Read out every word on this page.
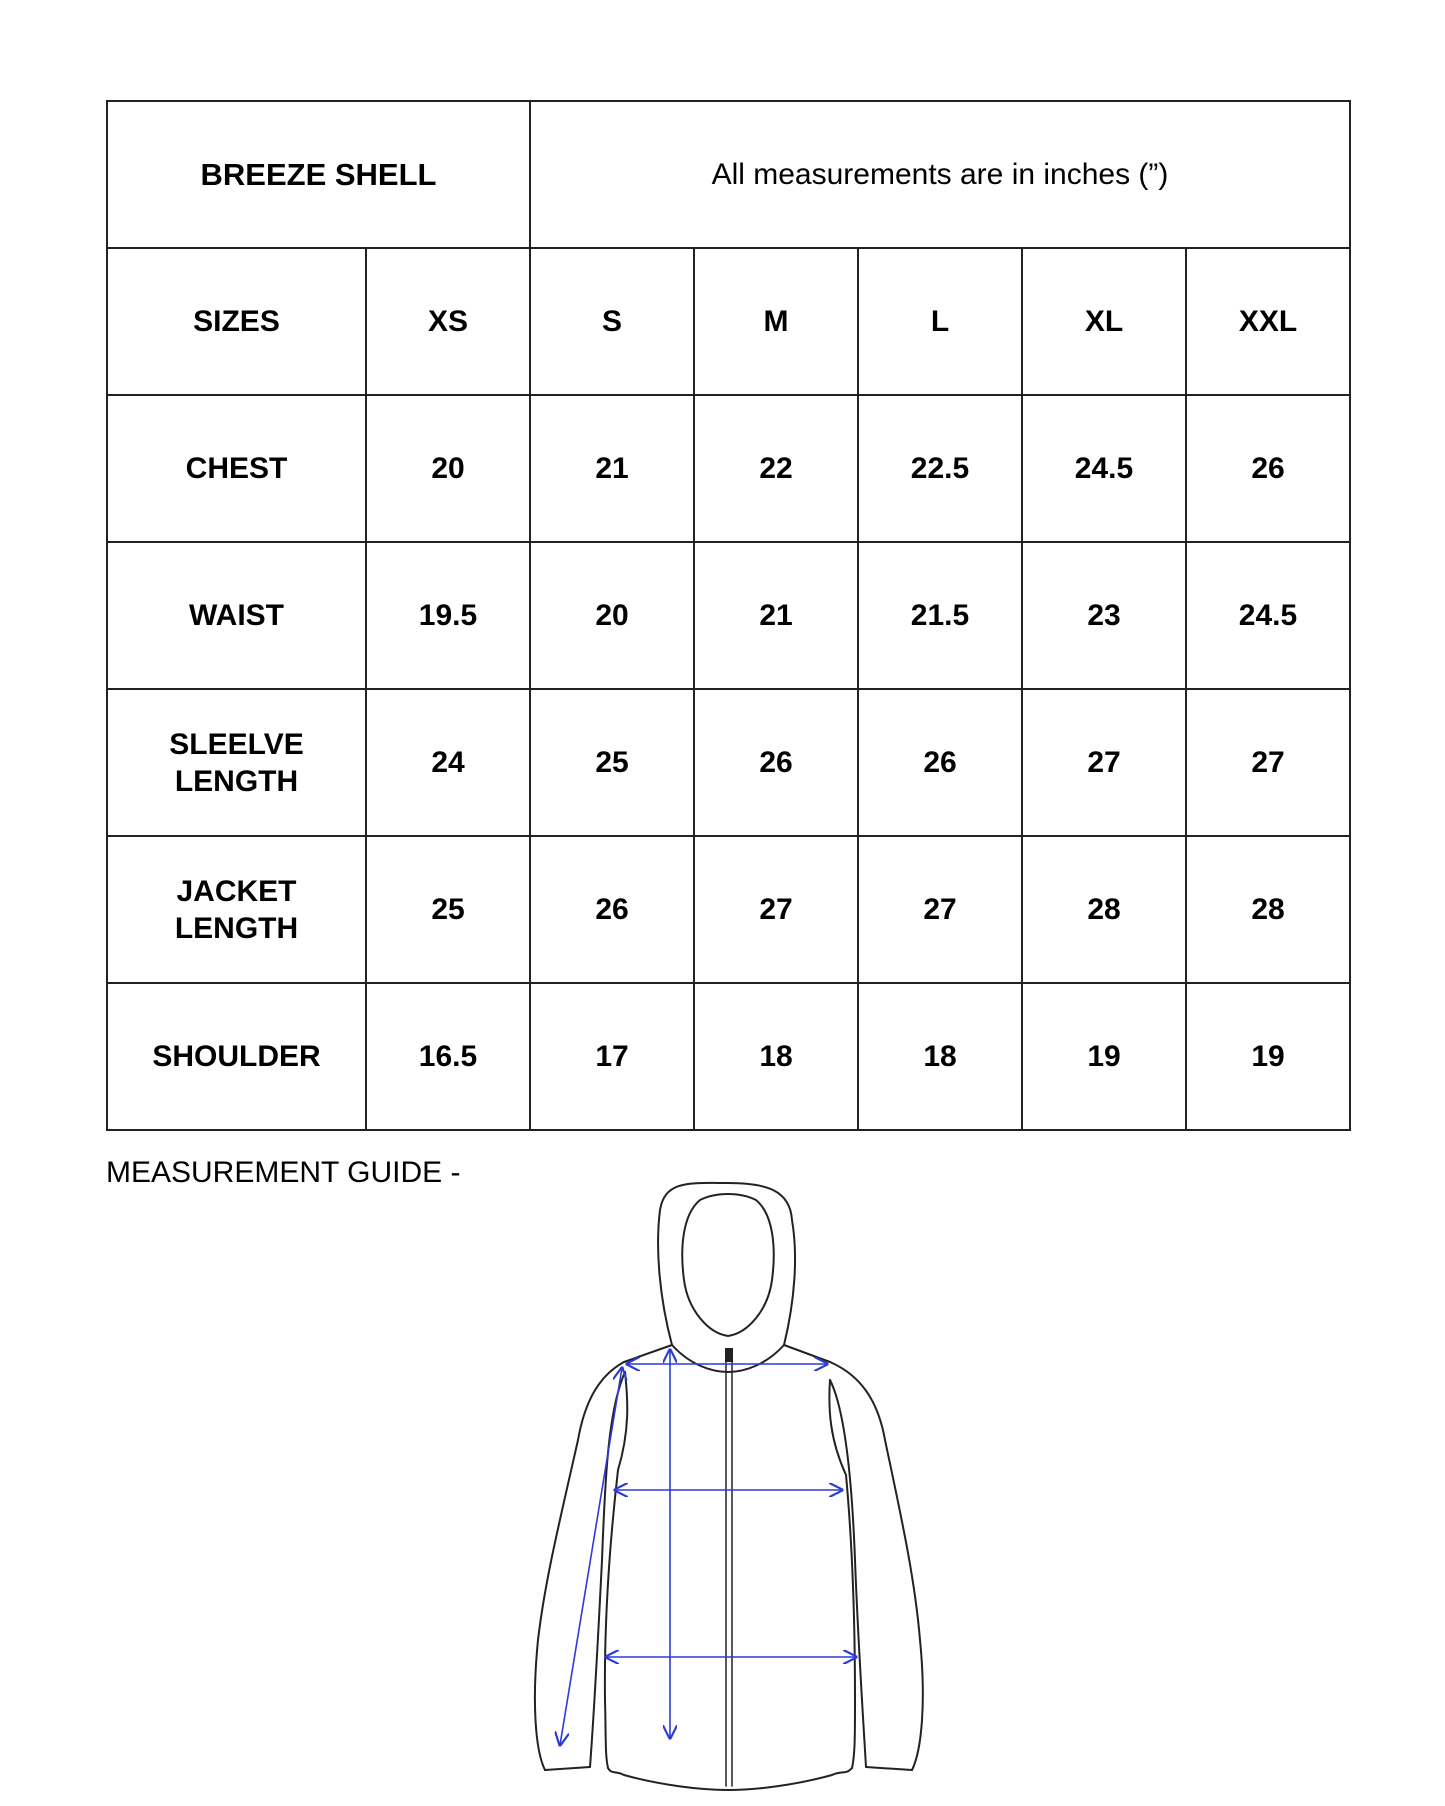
BREEZE SHELL		All measurements are in inches (”)				
SIZES	XS	S	M	L	XL	XXL
CHEST	20	21	22	22.5	24.5	26
WAIST	19.5	20	21	21.5	23	24.5
SLEELVE
LENGTH	24	25	26	26	27	27
JACKET
LENGTH	25	26	27	27	28	28
SHOULDER	16.5	17	18	18	19	19
MEASUREMENT GUIDE -
